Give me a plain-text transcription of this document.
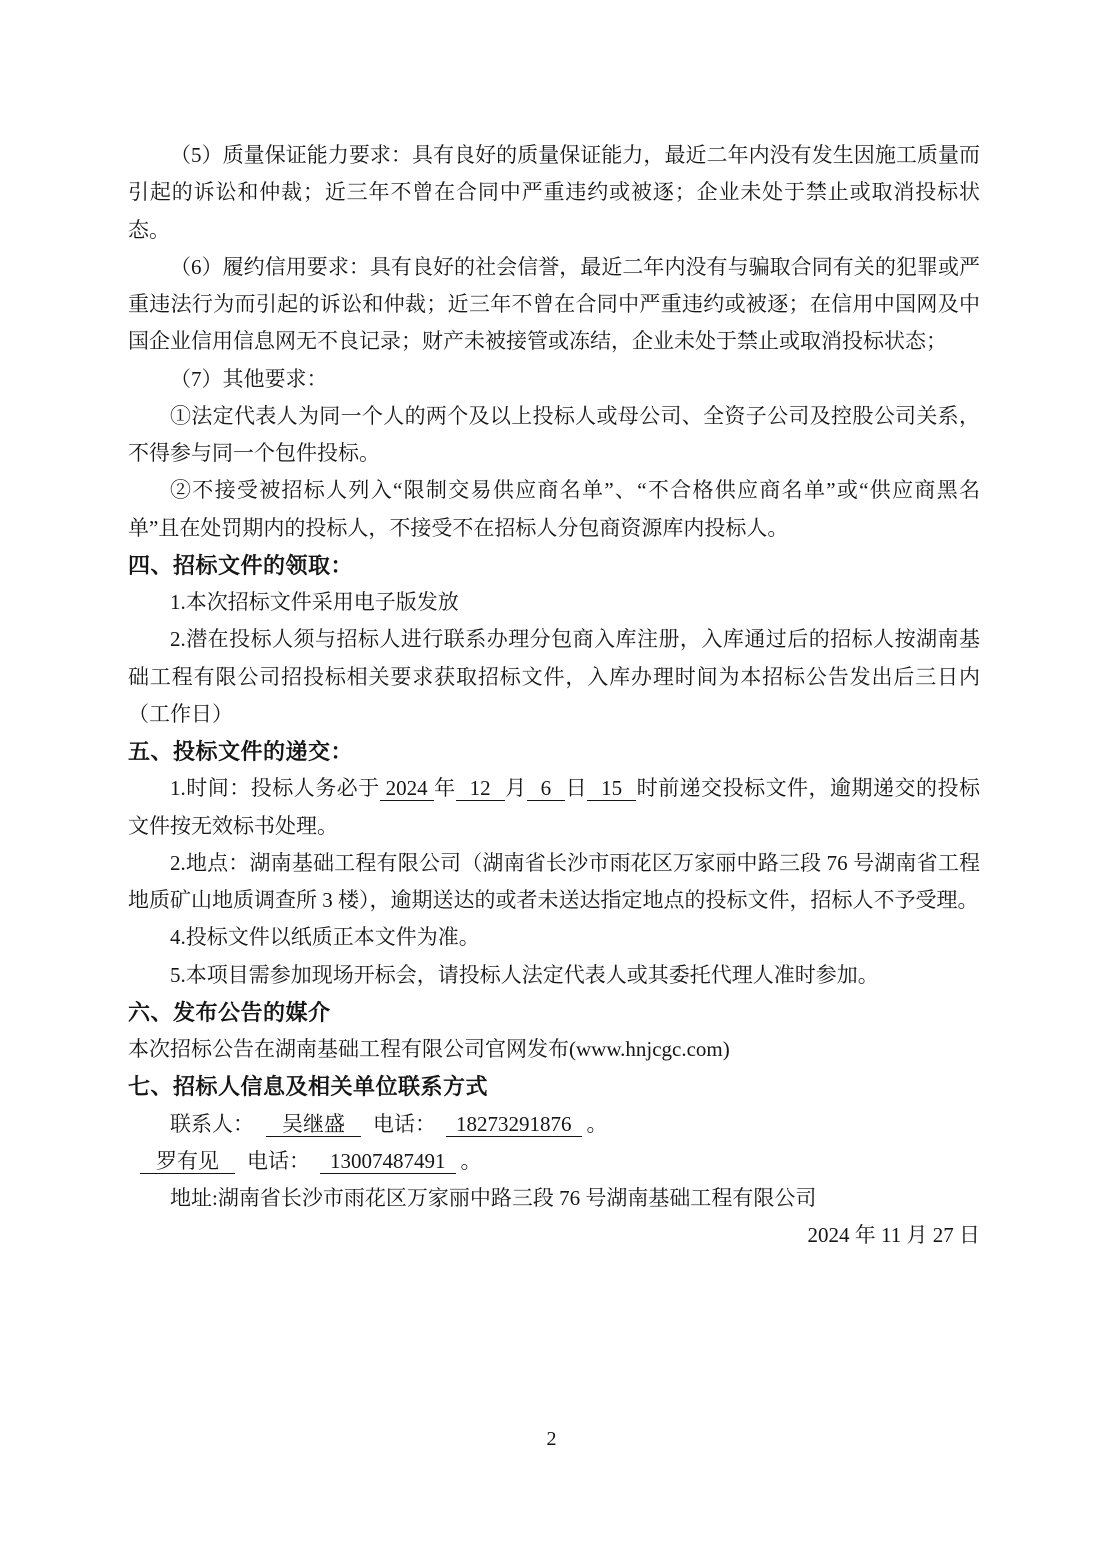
（5）质量保证能力要求：具有良好的质量保证能力，最近二年内没有发生因施工质量而引起的诉讼和仲裁；近三年不曾在合同中严重违约或被逐；企业未处于禁止或取消投标状态。

（6）履约信用要求：具有良好的社会信誉，最近二年内没有与骗取合同有关的犯罪或严重违法行为而引起的诉讼和仲裁；近三年不曾在合同中严重违约或被逐；在信用中国网及中国企业信用信息网无不良记录；财产未被接管或冻结，企业未处于禁止或取消投标状态；

（7）其他要求：

①法定代表人为同一个人的两个及以上投标人或母公司、全资子公司及控股公司关系，不得参与同一个包件投标。

②不接受被招标人列入“限制交易供应商名单”、“不合格供应商名单”或“供应商黑名单”且在处罚期内的投标人，不接受不在招标人分包商资源库内投标人。

四、招标文件的领取：

1.本次招标文件采用电子版发放

2.潜在投标人须与招标人进行联系办理分包商入库注册，入库通过后的招标人按湖南基础工程有限公司招投标相关要求获取招标文件，入库办理时间为本招标公告发出后三日内（工作日）

五、投标文件的递交：

1.时间：投标人务必于 2024 年 12 月 6 日 15 时前递交投标文件，逾期递交的投标文件按无效标书处理。

2.地点：湖南基础工程有限公司（湖南省长沙市雨花区万家丽中路三段 76 号湖南省工程地质矿山地质调查所 3 楼），逾期送达的或者未送达指定地点的投标文件，招标人不予受理。

4.投标文件以纸质正本文件为准。

5.本项目需参加现场开标会，请投标人法定代表人或其委托代理人准时参加。

六、发布公告的媒介

本次招标公告在湖南基础工程有限公司官网发布(www.hnjcgc.com)

七、招标人信息及相关单位联系方式

联系人： 吴继盛 电话： 18273291876 。

罗有见 电话： 13007487491 。

地址:湖南省长沙市雨花区万家丽中路三段 76 号湖南基础工程有限公司

2024 年 11 月 27 日

2
